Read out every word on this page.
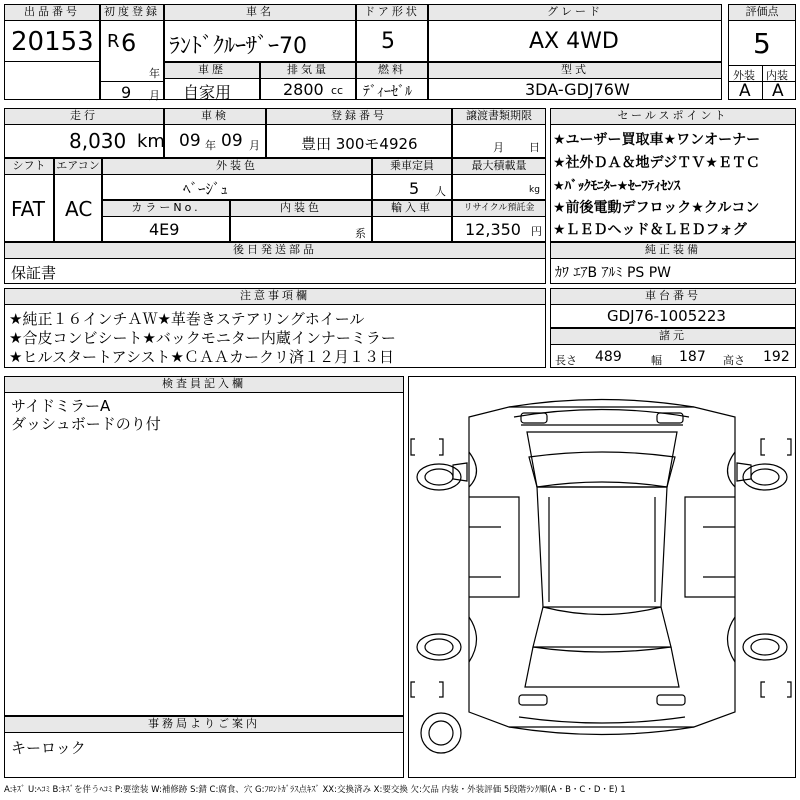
出品番号
20153
初度登録
R 6
年
9 月
車名
ﾗﾝﾄﾞｸﾙｰｻﾞｰ70
ドア形状
5
グレード
AX 4WD
評価点
5
外装 内装
A A
車歴
自家用
排気量
2800 cc
燃料
ﾃﾞｨｰｾﾞﾙ
型式
3DA-GDJ76W
走行
8,030 km
車検
09 年 09 月
登録番号
豊田 300モ4926
譲渡書類期限
月 日
シフト
FAT
エアコン
AC
外装色
ﾍﾞｰｼﾞｭ
乗車定員
5 人
最大積載量
kg
カラーNo.
4E9
内装色
系
輸入車	リサイクル預託金
12,350 円
後日発送部品
保証書
セールスポイント
★ユーザー買取車★ワンオーナー
★社外ＤＡ＆地デジＴＶ★ＥＴＣ
★ﾊﾞｯｸﾓﾆﾀｰ★ｾｰﾌﾃｨｾﾝｽ
★前後電動デフロック★クルコン
★ＬＥＤヘッド＆ＬＥＤフォグ
純正装備
ｶﾜ ｴｱB ｱﾙﾐ PS PW
注意事項欄
★純正１６インチＡＷ★革巻きステアリングホイール
★合皮コンビシート★バックモニター内蔵インナーミラー
★ヒルスタートアシスト★ＣＡＡカークリ済１２月１３日
車台番号
GDJ76-1005223
諸元
長さ 489	幅 187 高さ 192
検査員記入欄
サイドミラーA
ダッシュボードのり付
事務局よりご案内
キーロック
A:ｷｽﾞ U:ﾍｺﾐ B:ｷｽﾞを伴うﾍｺﾐ P:要塗装 W:補修跡 S:錆 C:腐食、穴 G:ﾌﾛﾝﾄｶﾞﾗｽ点ｷｽﾞ XX:交換済み X:要交換 欠:欠品 内装・外装評価 5段階ﾗﾝｸ順(A・B・C・D・E) 1
